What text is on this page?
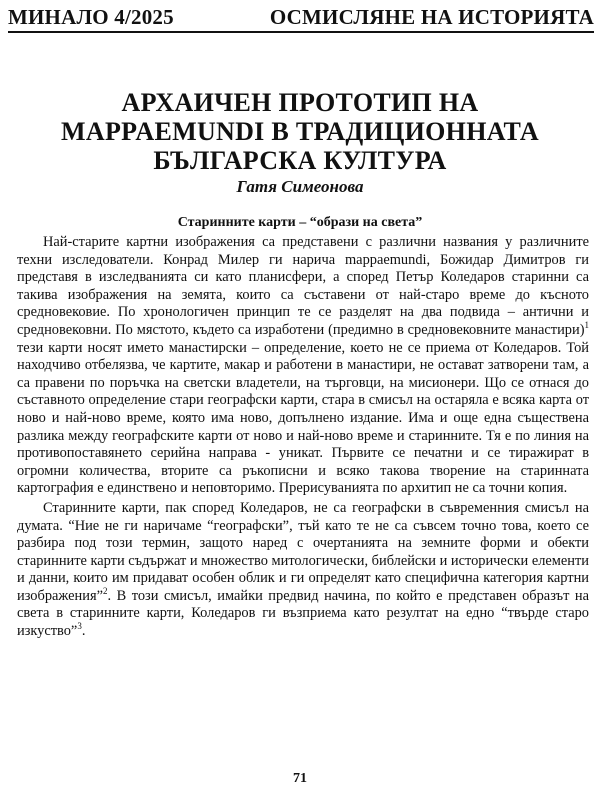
МИНАЛО 4/2025	ОСМИСЛЯНЕ НА ИСТОРИЯТА
АРХАИЧЕН ПРОТОТИП НА
MAPPAEMUNDI В ТРАДИЦИОННАТА
БЪЛГАРСКА КУЛТУРА
Гатя Симеонова
Старинните карти – “образи на света”

Най-старите картни изображения са представени с различни названия у различните техни изследователи. Конрад Милер ги нарича mappaemundi, Божидар Димитров ги представя в изследванията си като планисфери, а според Петър Коледаров старинни са такива изображения на земята, които са съставени от най-старо време до късното средновековие. По хронологичен принцип те се разделят на два подвида – антични и средновековни. По мястото, където са изработени (предимно в средновековните манастири)$^1$ тези карти носят името манастирски – определение, което не се приема от Коледаров. Той находчиво отбелязва, че картите, макар и работени в манастири, не остават затворени там, а са правени по поръчка на светски владетели, на търговци, на мисионери. Що се отнася до съставното определение стари географски карти, стара в смисъл на остаряла е всяка карта от ново и най-ново време, която има ново, допълнено издание. Има и още една съществена разлика между географските карти от ново и най-ново време и старинните. Тя е по линия на противопоставянето серийна направа - уникат. Първите се печатни и се тиражират в огромни количества, вторите са ръкописни и всяко такова творение на старинната картография е единствено и неповторимо. Прерисуванията по архитип не са точни копия.

Старинните карти, пак според Коледаров, не са географски в съвременния смисъл на думата. “Ние не ги наричаме “географски”, тъй като те не са съвсем точно това, което се разбира под този термин, защото наред с очертанията на земните форми и обекти старинните карти съдържат и множество митологически, библейски и исторически елементи и данни, които им придават особен облик и ги определят като специфична категория картни изображения”$^2$. В този смисъл, имайки предвид начина, по който е представен образът на света в старинните карти, Коледаров ги възприема като резултат на едно “твърде старо изкуство”$^3$.

71
